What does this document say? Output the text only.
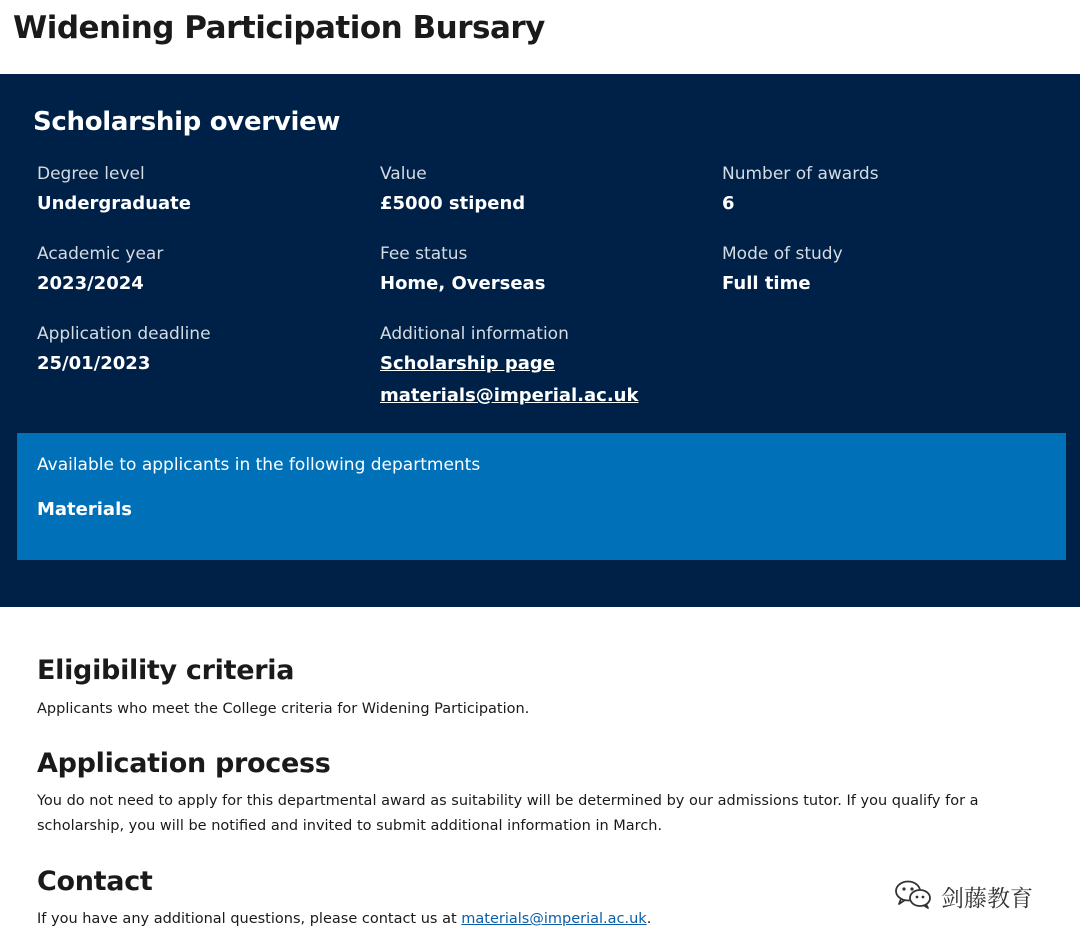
Widening Participation Bursary
Scholarship overview
Degree level
Undergraduate
Value
£5000 stipend
Number of awards
6
Academic year
2023/2024
Fee status
Home, Overseas
Mode of study
Full time
Application deadline
25/01/2023
Additional information
Scholarship page
materials@imperial.ac.uk
Available to applicants in the following departments
Materials
Eligibility criteria

Applicants who meet the College criteria for Widening Participation.

Application process

You do not need to apply for this departmental award as suitability will be determined by our admissions tutor. If you qualify for a scholarship, you will be notified and invited to submit additional information in March.

Contact

If you have any additional questions, please contact us at materials@imperial.ac.uk.

剑藤教育
